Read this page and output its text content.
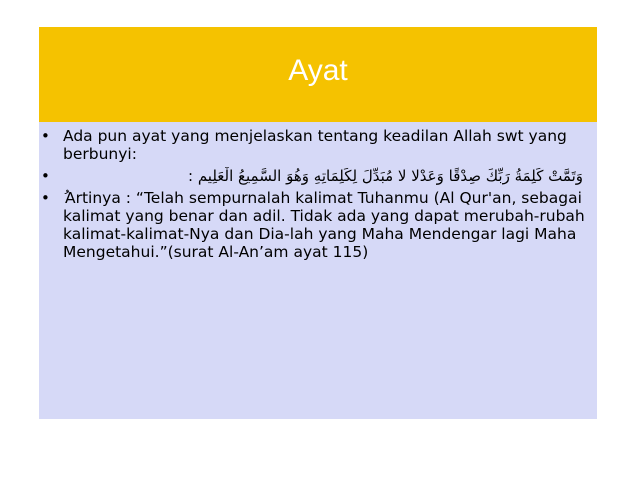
Ayat
• Ada pun ayat yang menjelaskan tentang keadilan Allah swt yang berbunyi:
•	وَتَمَّتْ كَلِمَةُ رَبِّكَ صِدْقًا وَعَدْلا لا مُبَدِّلَ لِكَلِمَاتِهِ وَهُوَ السَّمِيعُ الْعَلِيم :
• Artinya : “Telah sempurnalah kalimat Tuhanmu (Al Qur'an, sebagai kalimat yang benar dan adil. Tidak ada yang dapat merubah-rubah kalimat-kalimat-Nya dan Dia-lah yang Maha Mendengar lagi Maha Mengetahui.”(surat Al-An’am ayat 115)
